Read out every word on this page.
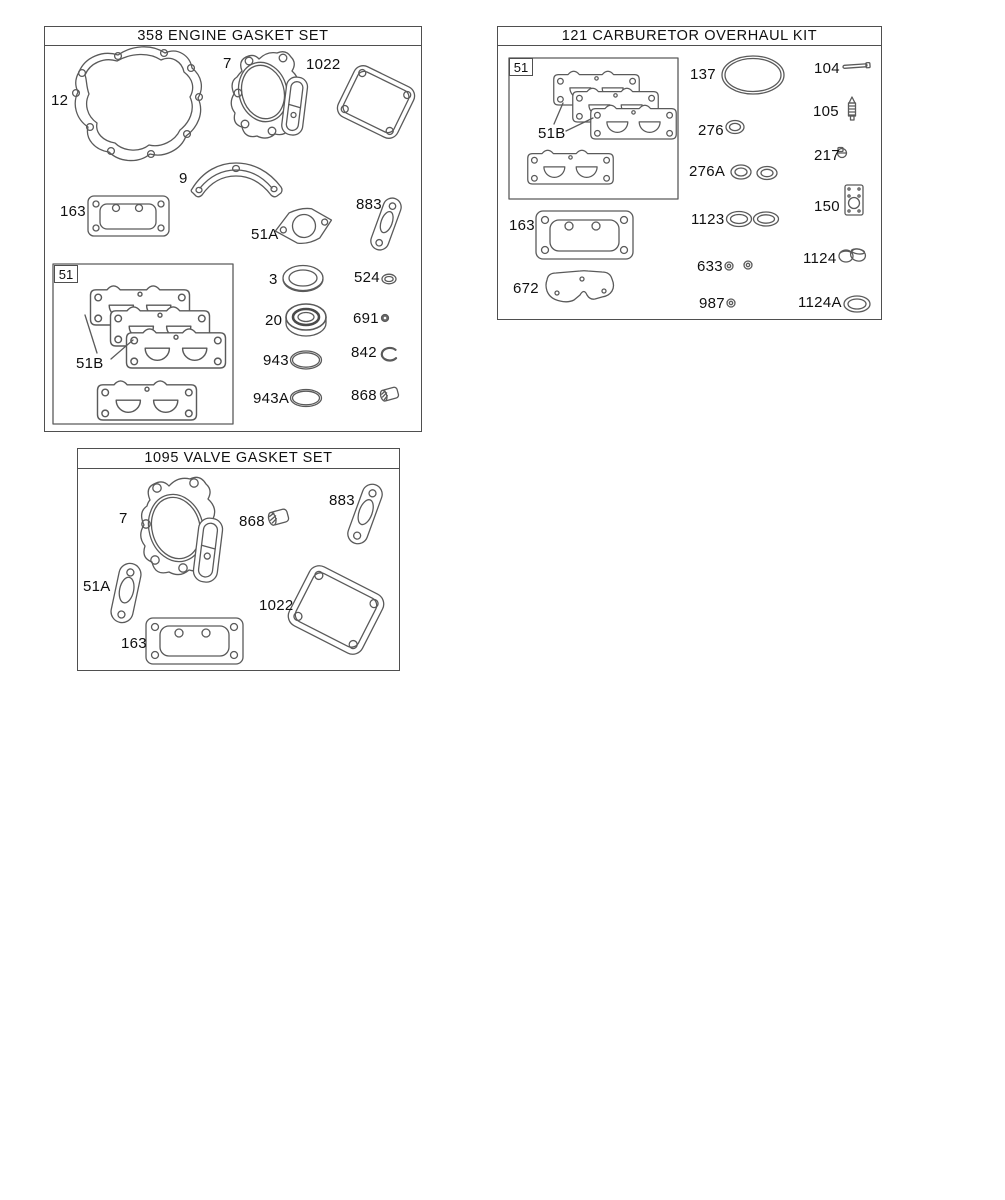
358 ENGINE GASKET SET
51
12
7	1022
9
163
51A
883
51B
3	524
20	691
943	842
943A	868
121 CARBURETOR OVERHAUL KIT
51
51B
137	104
105
276
217
276A
150
1123
163
633	1124
672
987	1124A
1095 VALVE GASKET SET
7	868
883
51A
1022
163
